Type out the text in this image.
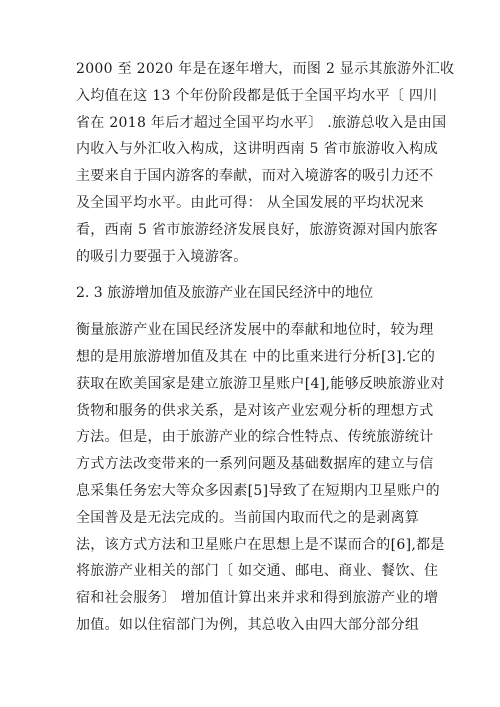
2000 至 2020 年是在逐年增大，而图 2 显示其旅游外汇收
入均值在这 13 个年份阶段都是低于全国平均水平〔 四川
省在 2018 年后才超过全国平均水平〕 .旅游总收入是由国
内收入与外汇收入构成，这讲明西南 5 省市旅游收入构成
主要来自于国内游客的奉献，而对入境游客的吸引力还不
及全国平均水平。由此可得： 从全国发展的平均状况来
看，西南 5 省市旅游经济发展良好，旅游资源对国内旅客
的吸引力要强于入境游客。
2. 3 旅游增加值及旅游产业在国民经济中的地位
衡量旅游产业在国民经济发展中的奉献和地位时，较为理
想的是用旅游增加值及其在 中的比重来进行分析[3].它的
获取在欧美国家是建立旅游卫星账户[4],能够反映旅游业对
货物和服务的供求关系，是对该产业宏观分析的理想方式
方法。但是，由于旅游产业的综合性特点、传统旅游统计
方式方法改变带来的一系列问题及基础数据库的建立与信
息采集任务宏大等众多因素[5]导致了在短期内卫星账户的
全国普及是无法完成的。当前国内取而代之的是剥离算
法，该方式方法和卫星账户在思想上是不谋而合的[6],都是
将旅游产业相关的部门〔 如交通、邮电、商业、餐饮、住
宿和社会服务〕 增加值计算出来并求和得到旅游产业的增
加值。如以住宿部门为例，其总收入由四大部分部分组
